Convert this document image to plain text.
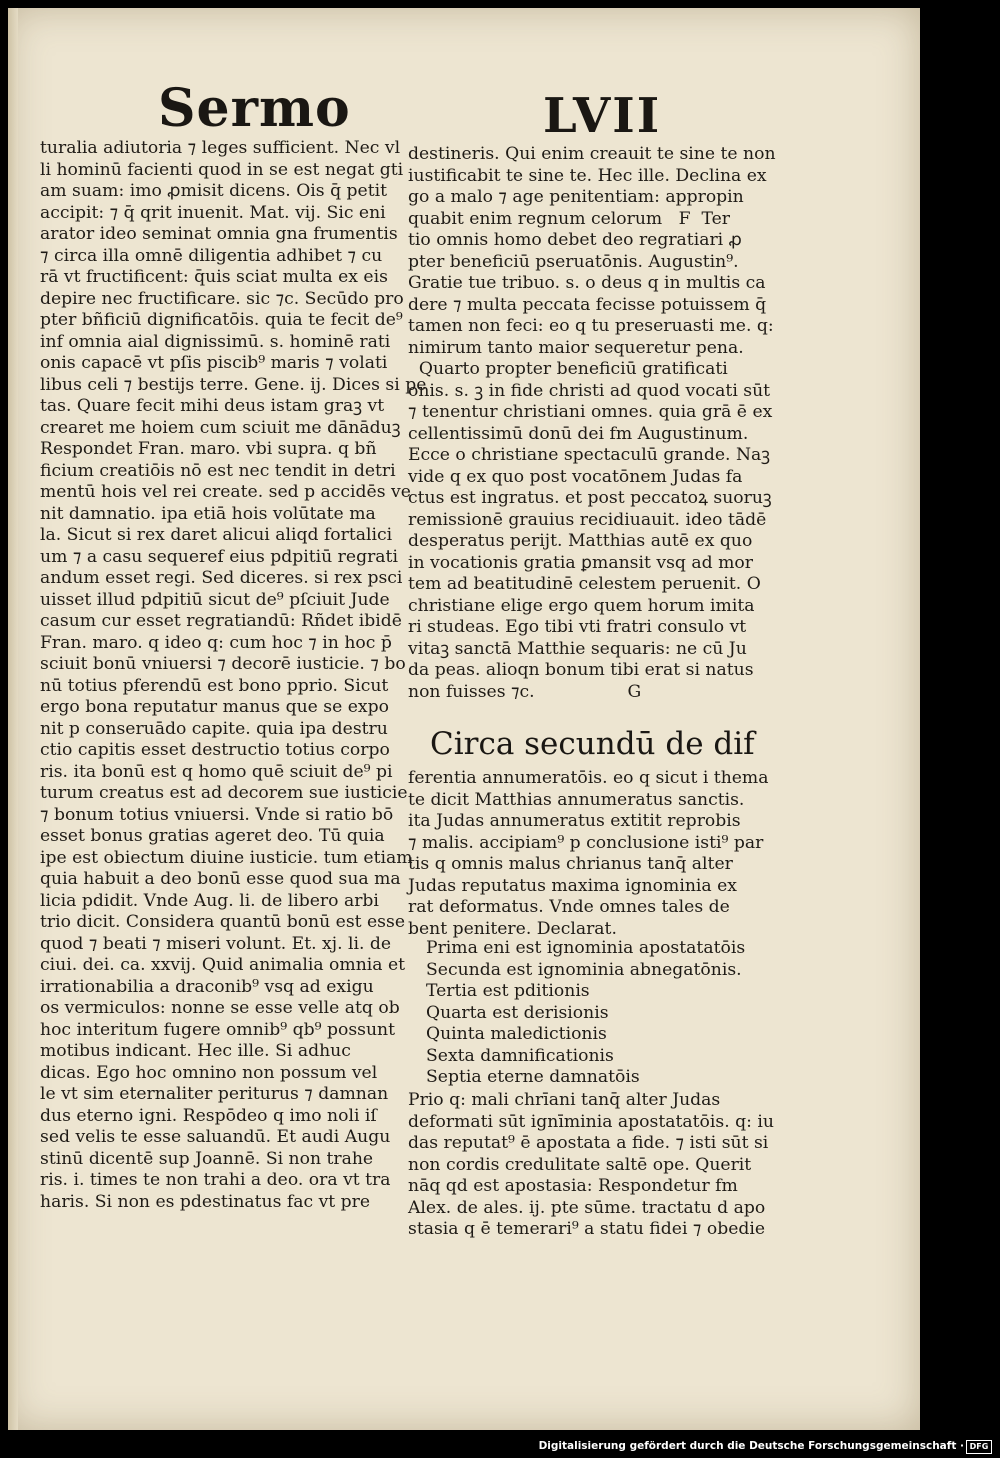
Sermo	LVII
turalia adiutoria ⁊ leges sufficient. Nec vl
li hominū facienti quod in se est negat gti
am suam: imo ꝓmisit dicens. Ois q̄ petit
accipit: ⁊ q̄ qrit inuenit. Mat. vij. Sic eni
arator ideo seminat omnia gna frumentis
⁊ circa illa omnē diligentia adhibet ⁊ cu
rā vt fructificent: q̄uis sciat multa ex eis
depire nec fructificare. sic ⁊c. Secūdo pro
pter bñficiū dignificatōis. quia te fecit de⁹
inf omnia aial dignissimū. s. hominē rati
onis capacē vt pſis piscib⁹ maris ⁊ volati
libus celi ⁊ bestijs terre. Gene. ij. Dices si pe
tas. Quare fecit mihi deus istam graꝫ vt
crearet me hoiem cum sciuit me dānāduꝫ
Respondet Fran. maro. vbi supra. q bñ
ficium creatiōis nō est nec tendit in detri
mentū hois vel rei create. sed p accidēs ve
nit damnatio. ipa etiā hois volūtate ma
la. Sicut si rex daret alicui aliqd fortalici
um ⁊ a casu sequeref eius pdpitiū regrati
andum esset regi. Sed diceres. si rex psci
uisset illud pdpitiū sicut de⁹ pſciuit Jude
casum cur esset regratiandū: Rñdet ibidē
Fran. maro. q ideo q: cum hoc ⁊ in hoc p̄
sciuit bonū vniuersi ⁊ decorē iusticie. ⁊ bo
nū totius pferendū est bono pprio. Sicut
ergo bona reputatur manus que se expo
nit p conseruādo capite. quia ipa destru
ctio capitis esset destructio totius corpo
ris. ita bonū est q homo quē sciuit de⁹ pi
turum creatus est ad decorem sue iusticie
⁊ bonum totius vniuersi. Vnde si ratio bō
esset bonus gratias ageret deo. Tū quia
ipe est obiectum diuine iusticie. tum etiam
quia habuit a deo bonū esse quod sua ma
licia pdidit. Vnde Aug. li. de libero arbi
trio dicit. Considera quantū bonū est esse
quod ⁊ beati ⁊ miseri volunt. Et. xj. li. de
ciui. dei. ca. xxvij. Quid animalia omnia et
irrationabilia a draconib⁹ vsq ad exigu
os vermiculos: nonne se esse velle atq ob
hoc interitum fugere omnib⁹ qb⁹ possunt
motibus indicant. Hec ille. Si adhuc
dicas. Ego hoc omnino non possum vel
le vt sim eternaliter periturus ⁊ damnan
dus eterno igni. Respōdeo q imo noli iſ
sed velis te esse saluandū. Et audi Augu
stinū dicentē sup Joannē. Si non trahe
ris. i. times te non trahi a deo. ora vt tra
haris. Si non es pdestinatus fac vt pre
destineris. Qui enim creauit te sine te non
iustificabit te sine te. Hec ille. Declina ex
go a malo ⁊ age penitentiam: appropin
quabit enim regnum celorum   F  Ter
tio omnis homo debet deo regratiari ꝓ
pter beneficiū pseruatōnis. Augustin⁹.
Gratie tue tribuo. s. o deus q in multis ca
dere ⁊ multa peccata fecisse potuissem q̄
tamen non feci: eo q tu preseruasti me. q:
nimirum tanto maior sequeretur pena.
Quarto propter beneficiū gratificati
onis. s. ꝫ in fide christi ad quod vocati sūt
⁊ tenentur christiani omnes. quia grā ē ex
cellentissimū donū dei fm Augustinum.
Ecce o christiane spectaculū grande. Naꝫ
vide q ex quo post vocatōnem Judas fa
ctus est ingratus. et post peccatoꝝ suoruꝫ
remissionē grauius recidiuauit. ideo tādē
desperatus perijt. Matthias autē ex quo
in vocationis gratia ꝑmansit vsq ad mor
tem ad beatitudinē celestem peruenit. O
christiane elige ergo quem horum imita
ri studeas. Ego tibi vti fratri consulo vt
vitaꝫ sanctā Matthie sequaris: ne cū Ju
da peas. alioqn bonum tibi erat si natus
non fuisses ⁊c.                 G
Circa secundū de dif
ferentia annumeratōis. eo q sicut i thema
te dicit Matthias annumeratus sanctis.
ita Judas annumeratus extitit reprobis
⁊ malis. accipiam⁹ p conclusione isti⁹ par
tis q omnis malus chrianus tanq̄ alter
Judas reputatus maxima ignominia ex
rat deformatus. Vnde omnes tales de
bent penitere. Declarat.
Prima eni est ignominia apostatatōis
Secunda est ignominia abnegatōnis.
Tertia est pditionis
Quarta est derisionis
Quinta maledictionis
Sexta damnificationis
Septia eterne damnatōis
Prio q: mali chrīani tanq̄ alter Judas
deformati sūt ignīminia apostatatōis. q: iu
das reputat⁹ ē apostata a fide. ⁊ isti sūt si
non cordis credulitate saltē ope. Querit
nāq qd est apostasia: Respondetur fm
Alex. de ales. ij. pte sūme. tractatu d apo
stasia q ē temerari⁹ a statu fidei ⁊ obedie
Digitalisierung gefördert durch die Deutsche Forschungsgemeinschaft · DFG
